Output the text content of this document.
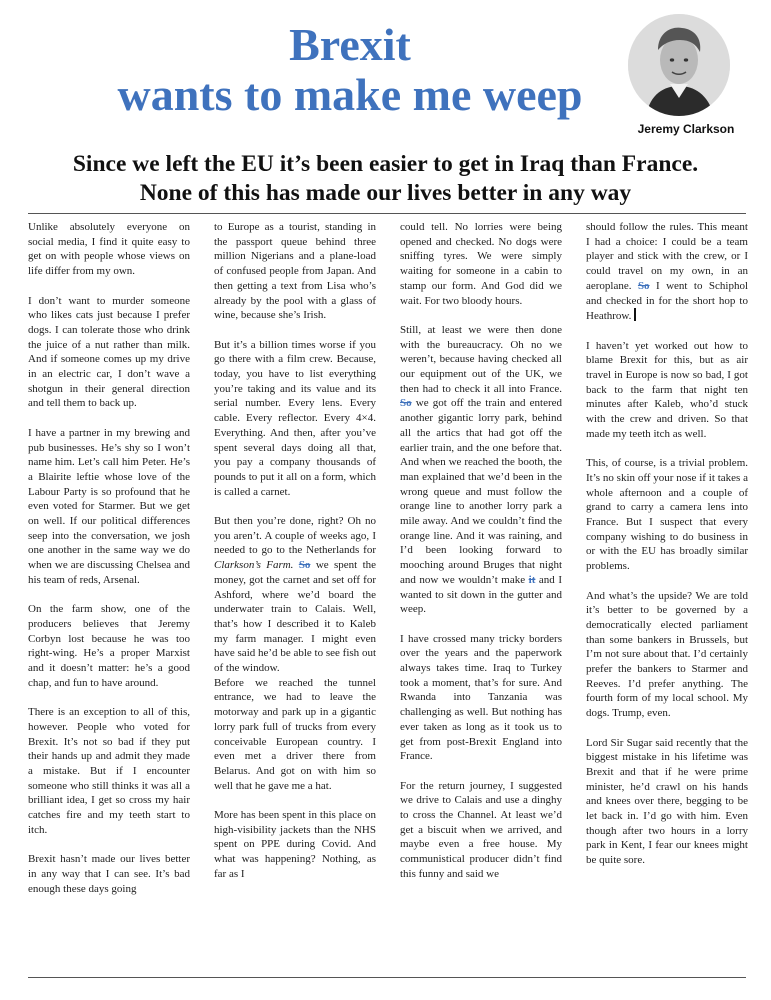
Brexit
wants to make me weep
Jeremy Clarkson
Since we left the EU it’s been easier to get in Iraq than France.
None of this has made our lives better in any way

Unlike absolutely everyone on social media, I find it quite easy to get on with people whose views on life differ from my own.

I don’t want to murder someone who likes cats just because I prefer dogs. I can tolerate those who drink the juice of a nut rather than milk. And if someone comes up my drive in an electric car, I don’t wave a shotgun in their general direction and tell them to back up.

I have a partner in my brewing and pub businesses. He’s shy so I won’t name him. Let’s call him Peter. He’s a Blairite leftie whose love of the Labour Party is so profound that he even voted for Starmer. But we get on well. If our political differences seep into the conversation, we josh one another in the same way we do when we are discussing Chelsea and his team of reds, Arsenal.

On the farm show, one of the producers believes that Jeremy Corbyn lost because he was too right-wing. He’s a proper Marxist and it doesn’t matter: he’s a good chap, and fun to have around.

There is an exception to all of this, however. People who voted for Brexit. It’s not so bad if they put their hands up and admit they made a mistake. But if I encounter someone who still thinks it was all a brilliant idea, I get so cross my hair catches fire and my teeth start to itch.

Brexit hasn’t made our lives better in any way that I can see. It’s bad enough these days going

to Europe as a tourist, standing in the passport queue behind three million Nigerians and a plane-load of confused people from Japan. And then getting a text from Lisa who’s already by the pool with a glass of wine, because she’s Irish.

But it’s a billion times worse if you go there with a film crew. Because, today, you have to list everything you’re taking and its value and its serial number. Every lens. Every cable. Every reflector. Every 4×4. Everything. And then, after you’ve spent several days doing all that, you pay a company thousands of pounds to put it all on a form, which is called a carnet.

But then you’re done, right? Oh no you aren’t. A couple of weeks ago, I needed to go to the Netherlands for Clarkson’s Farm. So we spent the money, got the carnet and set off for Ashford, where we’d board the underwater train to Calais. Well, that’s how I described it to Kaleb my farm manager. I might even have said he’d be able to see fish out of the window.

Before we reached the tunnel entrance, we had to leave the motorway and park up in a gigantic lorry park full of trucks from every conceivable European country. I even met a driver there from Belarus. And got on with him so well that he gave me a hat.

More has been spent in this place on high-visibility jackets than the NHS spent on PPE during Covid. And what was happening? Nothing, as far as I

could tell. No lorries were being opened and checked. No dogs were sniffing tyres. We were simply waiting for someone in a cabin to stamp our form. And God did we wait. For two bloody hours.

Still, at least we were then done with the bureaucracy. Oh no we weren’t, because having checked all our equipment out of the UK, we then had to check it all into France. So we got off the train and entered another gigantic lorry park, behind all the artics that had got off the earlier train, and the one before that. And when we reached the booth, the man explained that we’d been in the wrong queue and must follow the orange line to another lorry park a mile away. And we couldn’t find the orange line. And it was raining, and I’d been looking forward to mooching around Bruges that night and now we wouldn’t make it and I wanted to sit down in the gutter and weep.

I have crossed many tricky borders over the years and the paperwork always takes time. Iraq to Turkey took a moment, that’s for sure. And Rwanda into Tanzania was challenging as well. But nothing has ever taken as long as it took us to get from post-Brexit England into France.

For the return journey, I suggested we drive to Calais and use a dinghy to cross the Channel. At least we’d get a biscuit when we arrived, and maybe even a free house. My communistical producer didn’t find this funny and said we

should follow the rules. This meant I had a choice: I could be a team player and stick with the crew, or I could travel on my own, in an aeroplane. So I went to Schiphol and checked in for the short hop to Heathrow.

I haven’t yet worked out how to blame Brexit for this, but as air travel in Europe is now so bad, I got back to the farm that night ten minutes after Kaleb, who’d stuck with the crew and driven. So that made my teeth itch as well.

This, of course, is a trivial problem. It’s no skin off your nose if it takes a whole afternoon and a couple of grand to carry a camera lens into France. But I suspect that every company wishing to do business in or with the EU has broadly similar problems.

And what’s the upside? We are told it’s better to be governed by a democratically elected parliament than some bankers in Brussels, but I’m not sure about that. I’d certainly prefer the bankers to Starmer and Reeves. I’d prefer anything. The fourth form of my local school. My dogs. Trump, even.

Lord Sir Sugar said recently that the biggest mistake in his lifetime was Brexit and that if he were prime minister, he’d crawl on his hands and knees over there, begging to be let back in. I’d go with him. Even though after two hours in a lorry park in Kent, I fear our knees might be quite sore.
